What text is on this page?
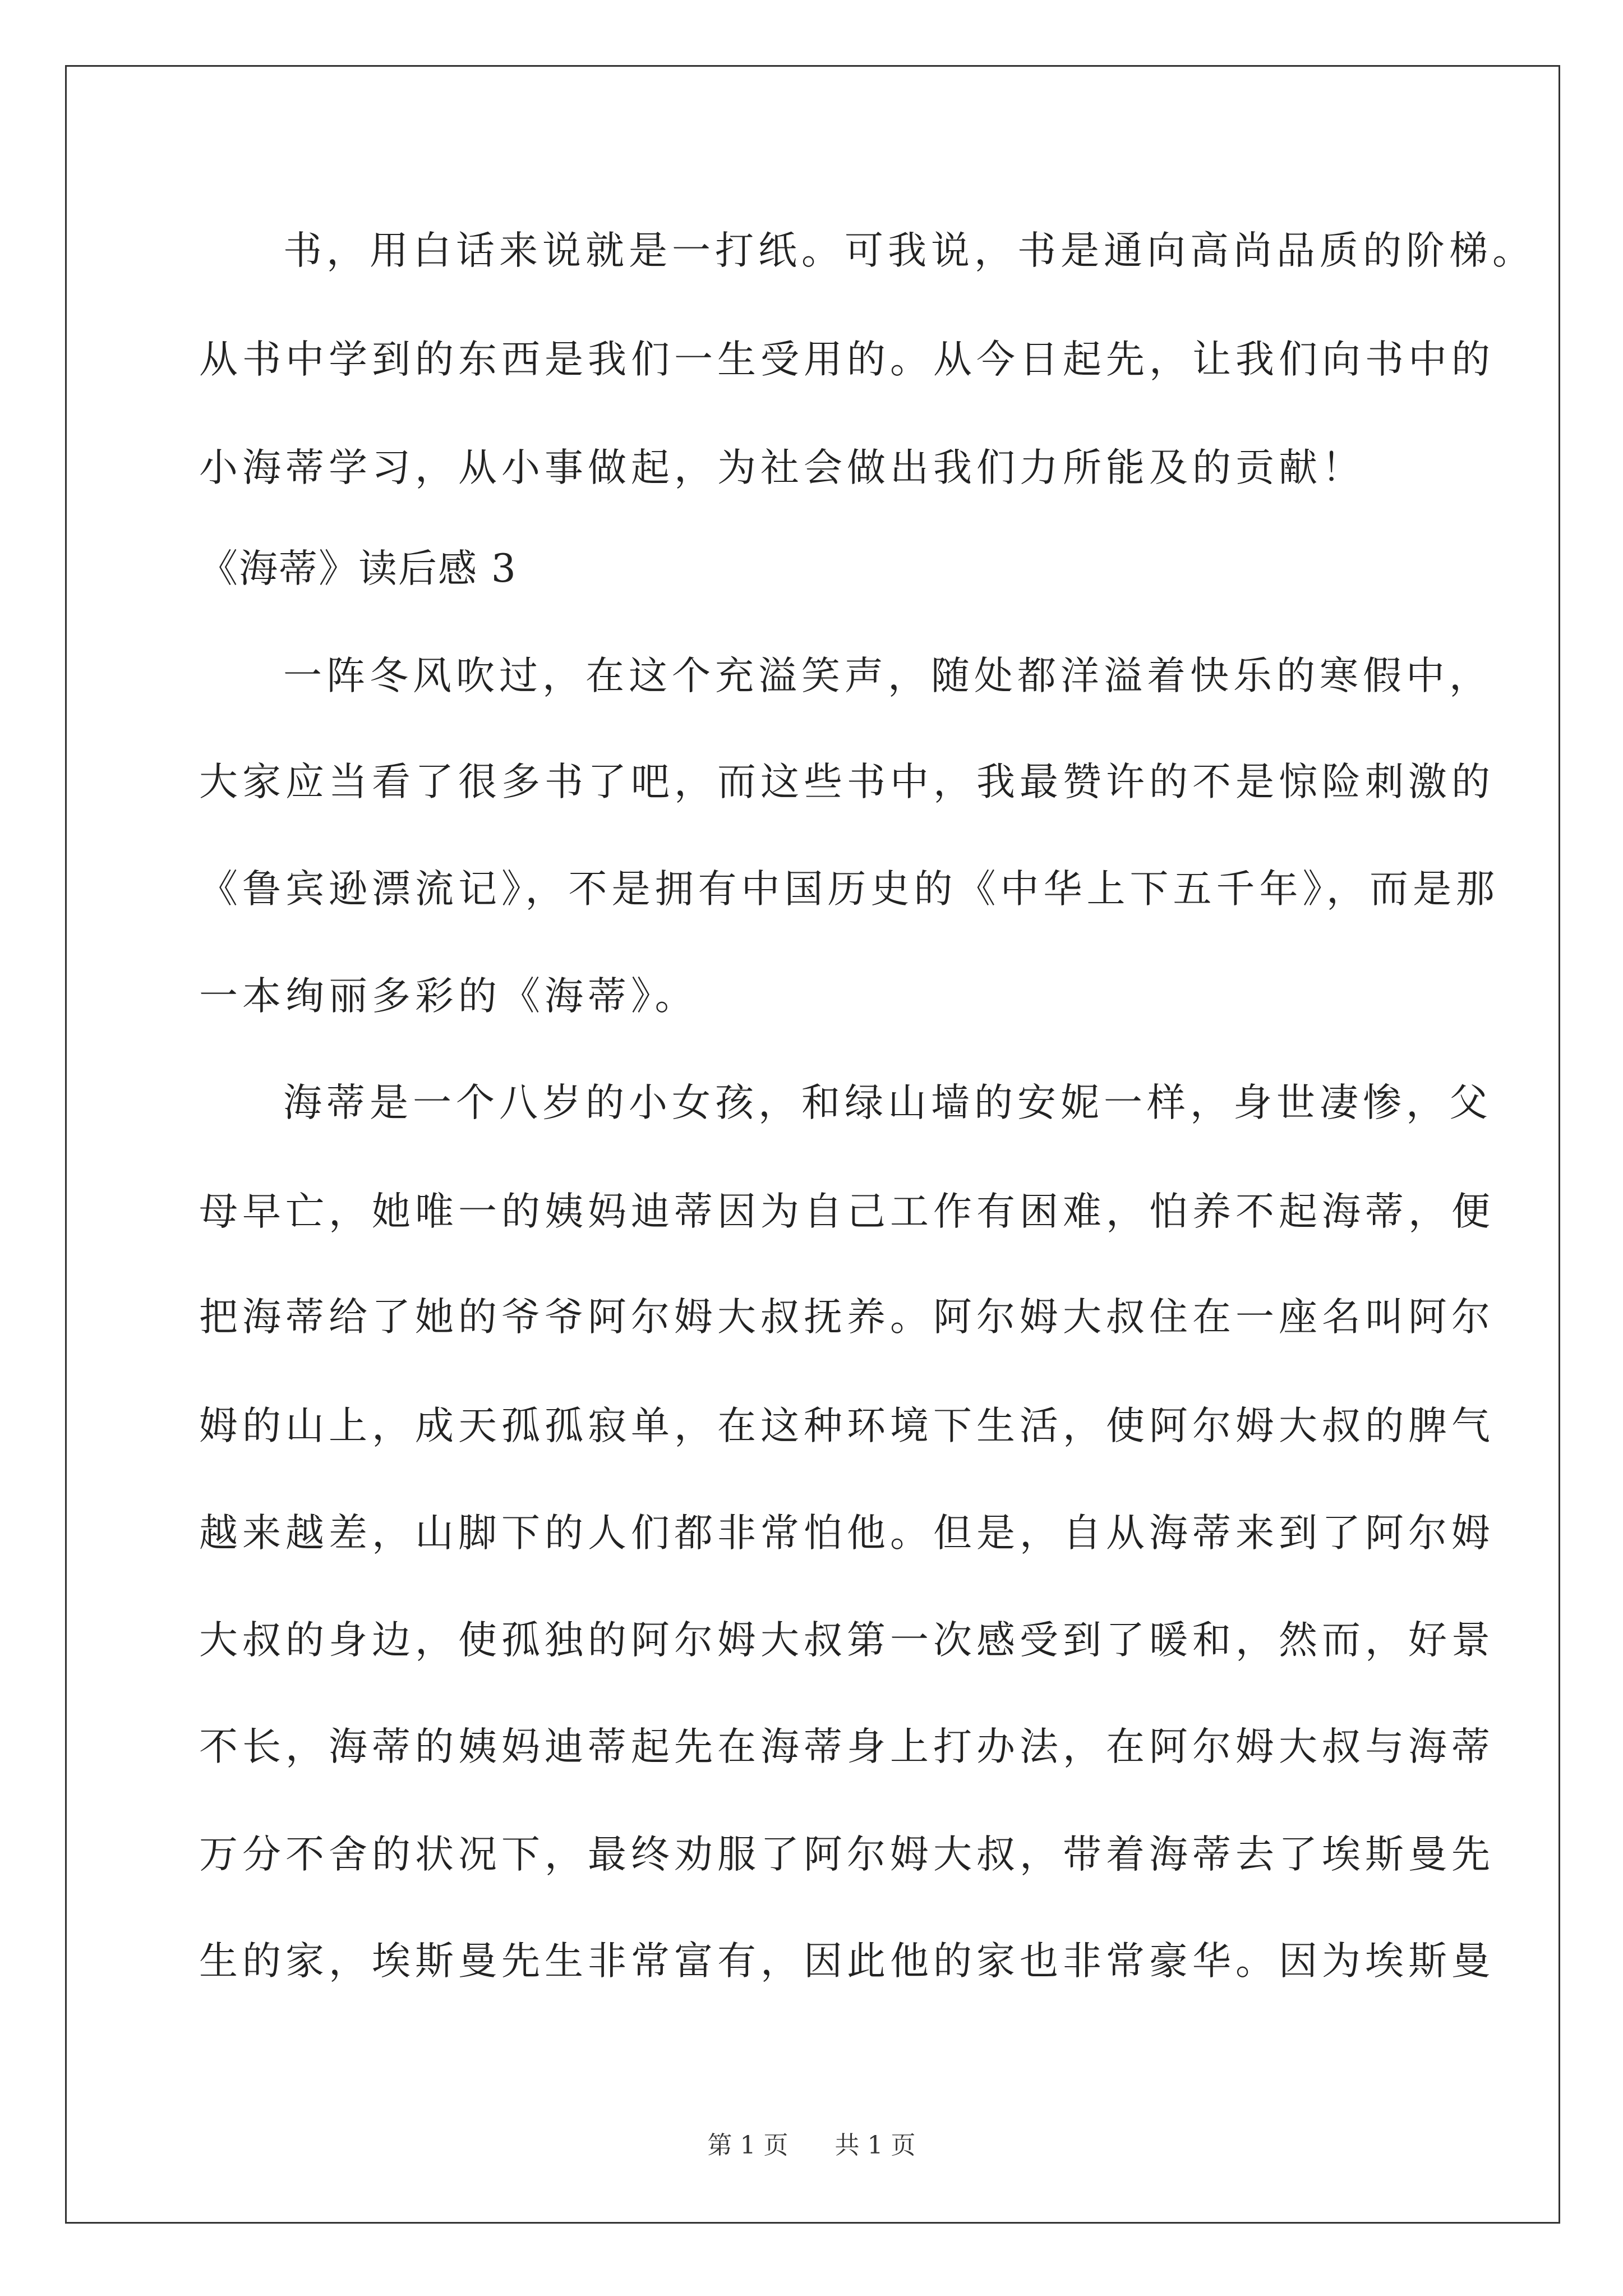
书，用白话来说就是一打纸。可我说，书是通向高尚品质的阶梯。
从书中学到的东西是我们一生受用的。从今日起先，让我们向书中的
小海蒂学习，从小事做起，为社会做出我们力所能及的贡献！
《海蒂》读后感 3
一阵冬风吹过，在这个充溢笑声，随处都洋溢着快乐的寒假中，
大家应当看了很多书了吧，而这些书中，我最赞许的不是惊险刺激的
《鲁宾逊漂流记》，不是拥有中国历史的《中华上下五千年》，而是那
一本绚丽多彩的《海蒂》。
海蒂是一个八岁的小女孩，和绿山墙的安妮一样，身世凄惨，父
母早亡，她唯一的姨妈迪蒂因为自己工作有困难，怕养不起海蒂，便
把海蒂给了她的爷爷阿尔姆大叔抚养。阿尔姆大叔住在一座名叫阿尔
姆的山上，成天孤孤寂单，在这种环境下生活，使阿尔姆大叔的脾气
越来越差，山脚下的人们都非常怕他。但是，自从海蒂来到了阿尔姆
大叔的身边，使孤独的阿尔姆大叔第一次感受到了暖和，然而，好景
不长，海蒂的姨妈迪蒂起先在海蒂身上打办法，在阿尔姆大叔与海蒂
万分不舍的状况下，最终劝服了阿尔姆大叔，带着海蒂去了埃斯曼先
生的家，埃斯曼先生非常富有，因此他的家也非常豪华。因为埃斯曼
第 1 页 共 1 页
